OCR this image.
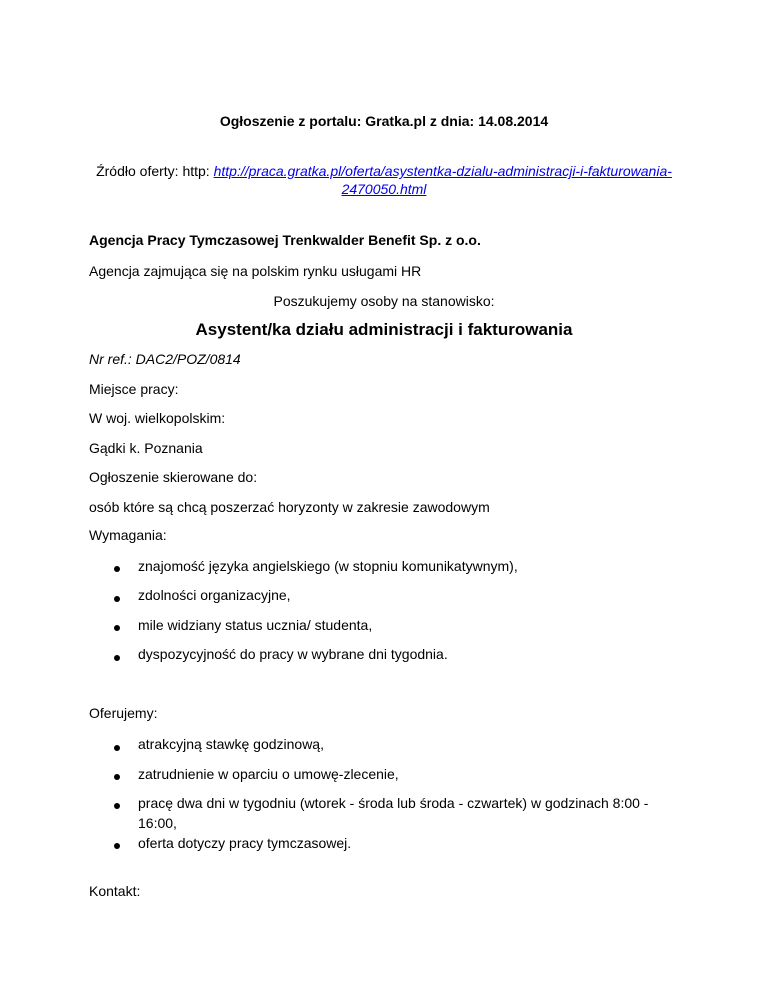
Ogłoszenie z portalu: Gratka.pl z dnia: 14.08.2014
Źródło oferty: http: http://praca.gratka.pl/oferta/asystentka-dzialu-administracji-i-fakturowania-
2470050.html
Agencja Pracy Tymczasowej Trenkwalder Benefit Sp. z o.o.
Agencja zajmująca się na polskim rynku usługami HR
Poszukujemy osoby na stanowisko:
Asystent/ka działu administracji i fakturowania
Nr ref.: DAC2/POZ/0814
Miejsce pracy:
W woj. wielkopolskim:
Gądki k. Poznania
Ogłoszenie skierowane do:
osób które są chcą poszerzać horyzonty w zakresie zawodowym
Wymagania:
znajomość języka angielskiego (w stopniu komunikatywnym),
zdolności organizacyjne,
mile widziany status ucznia/ studenta,
dyspozycyjność do pracy w wybrane dni tygodnia.
Oferujemy:
atrakcyjną stawkę godzinową,
zatrudnienie w oparciu o umowę-zlecenie,
pracę dwa dni w tygodniu (wtorek - środa lub środa - czwartek) w godzinach 8:00 -
16:00,
oferta dotyczy pracy tymczasowej.
Kontakt:
